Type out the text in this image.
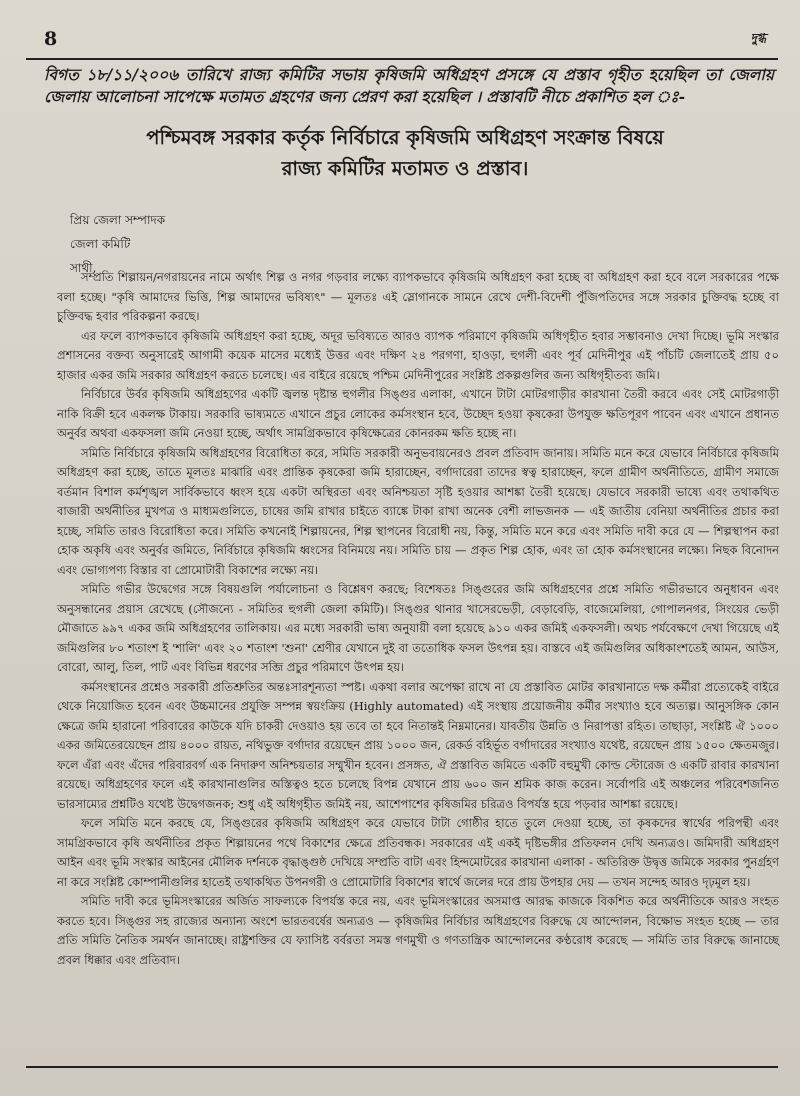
8	দুগ্ধ
বিগত ১৮/১১/২০০৬ তারিখে রাজ্য কমিটির সভায় কৃষিজমি অধিগ্রহণ প্রসঙ্গে যে প্রস্তাব গৃহীত হয়েছিল তা জেলায় জেলায় আলোচনা সাপেক্ষে মতামত গ্রহণের জন্য প্রেরণ করা হয়েছিল । প্রস্তাবটি নীচে প্রকাশিত হল ঃ-
পশ্চিমবঙ্গ সরকার কর্তৃক নির্বিচারে কৃষিজমি অধিগ্রহণ সংক্রান্ত বিষয়ে
রাজ্য কমিটির মতামত ও প্রস্তাব।
প্রিয় জেলা সম্পাদক
জেলা কমিটি
সাথী,

সম্প্রতি শিল্পায়ন/নগরায়নের নামে অর্থাৎ শিল্প ও নগর গড়বার লক্ষ্যে ব্যাপকভাবে কৃষিজমি অধিগ্রহণ করা হচ্ছে বা অধিগ্রহণ করা হবে বলে সরকারের পক্ষে বলা হচ্ছে। "কৃষি আমাদের ভিত্তি, শিল্প আমাদের ভবিষ্যৎ" — মূলতঃ এই স্লোগানকে সামনে রেখে দেশী-বিদেশী পুঁজিপতিদের সঙ্গে সরকার চুক্তিবদ্ধ হচ্ছে বা চুক্তিবদ্ধ হবার পরিকল্পনা করছে।

এর ফলে ব্যাপকভাবে কৃষিজমি অধিগ্রহণ করা হচ্ছে, অদূর ভবিষ্যতে আরও ব্যাপক পরিমাণে কৃষিজমি অধিগৃহীত হবার সম্ভাবনাও দেখা দিচ্ছে। ভূমি সংস্কার প্রশাসনের বক্তব্য অনুসারেই আগামী কয়েক মাসের মধ্যেই উত্তর এবং দক্ষিণ ২৪ পরগণা, হাওড়া, হুগলী এবং পূর্ব মেদিনীপুর এই পাঁচটি জেলাতেই প্রায় ৫০ হাজার একর জমি সরকার অধিগ্রহণ করতে চলেছে। এর বাইরে রয়েছে পশ্চিম মেদিনীপুরের সংশ্লিষ্ট প্রকল্পগুলির জন্য অধিগৃহীতব্য জমি।

নির্বিচারে উর্বর কৃষিজমি অধিগ্রহণের একটি জ্বলন্ত দৃষ্টান্ত হুগলীর সিঙ্গুর এলাকা, এখানে টাটা মোটরগাড়ীর কারখানা তৈরী করবে এবং সেই মোটরগাড়ী নাকি বিক্রী হবে একলক্ষ টাকায়। সরকারি ভাষ্যমতে এখানে প্রচুর লোকের কর্মসংস্থান হবে, উচ্ছেদ হওয়া কৃষকেরা উপযুক্ত ক্ষতিপূরণ পাবেন এবং এখানে প্রধানত অনুর্বর অথবা একফসলা জমি নেওয়া হচ্ছে, অর্থাৎ সামগ্রিকভাবে কৃষিক্ষেত্রের কোনরকম ক্ষতি হচ্ছে না।

সমিতি নির্বিচারে কৃষিজমি অধিগ্রহণের বিরোধিতা করে, সমিতি সরকারী অনুভবায়নেরও প্রবল প্রতিবাদ জানায়। সমিতি মনে করে যেভাবে নির্বিচারে কৃষিজমি অধিগ্রহণ করা হচ্ছে, তাতে মূলতঃ মাঝারি এবং প্রান্তিক কৃষকেরা জমি হারাচ্ছেন, বর্গাদারেরা তাদের স্বত্ব হারাচ্ছেন, ফলে গ্রামীণ অর্থনীতিতে, গ্রামীণ সমাজে বর্তমান বিশাল কর্মশৃঙ্খল সার্বিকভাবে ধ্বংস হয়ে একটা অস্থিরতা এবং অনিশ্চয়তা সৃষ্টি হওয়ার আশঙ্কা তৈরী হয়েছে। যেভাবে সরকারী ভাষ্যে এবং তথাকথিত বাজারী অর্থনীতির মুখপত্র ও মাধ্যমগুলিতে, চাষের জমি রাখার চাইতে ব্যাঙ্কে টাকা রাখা অনেক বেশী লাভজনক — এই জাতীয় বেনিয়া অর্থনীতির প্রচার করা হচ্ছে, সমিতি তারও বিরোধিতা করে। সমিতি কখনোই শিল্পায়নের, শিল্প স্থাপনের বিরোধী নয়, কিন্তু, সমিতি মনে করে এবং সমিতি দাবী করে যে — শিল্পস্থাপন করা হোক অকৃষি এবং অনুর্বর জমিতে, নির্বিচারে কৃষিজমি ধ্বংসের বিনিময়ে নয়। সমিতি চায় — প্রকৃত শিল্প হোক, এবং তা হোক কর্মসংস্থানের লক্ষ্যে। নিছক বিনোদন এবং ভোগ্যপণ্য বিস্তার বা প্রোমোটারী বিকাশের লক্ষ্যে নয়।

সমিতি গভীর উদ্বেগের সঙ্গে বিষয়গুলি পর্যালোচনা ও বিশ্লেষণ করছে; বিশেষতঃ সিঙ্গুরের জমি অধিগ্রহণের প্রশ্নে সমিতি গভীরভাবে অনুধাবন এবং অনুসন্ধানের প্রয়াস রেখেছে (সৌজন্যে - সমিতির হুগলী জেলা কমিটি)। সিঙ্গুর থানার খাসেরভেড়ী, বেড়াবেড়ি, বাজেমেলিয়া, গোপালনগর, সিংয়ের ভেড়ী মৌজাতে ৯৯৭ একর জমি অধিগ্রহণের তালিকায়। এর মধ্যে সরকারী ভাষ্য অনুযায়ী বলা হয়েছে ৯১০ একর জমিই একফসলী। অথচ পর্যবেক্ষণে দেখা গিয়েছে এই জমিগুলির ৮০ শতাংশ ই 'শালি' এবং ২০ শতাংশ 'শুনা' শ্রেণীর যেখানে দুই বা ততোধিক ফসল উৎপন্ন হয়। বাস্তবে এই জমিগুলির অধিকাংশতেই আমন, আউস, বোরো, আলু, তিল, পাট এবং বিভিন্ন ধরণের সব্জি প্রচুর পরিমাণে উৎপন্ন হয়।

কর্মসংস্থানের প্রশ্নেও সরকারী প্রতিশ্রুতির অন্তঃসারশূন্যতা স্পষ্ট। একথা বলার অপেক্ষা রাখে না যে প্রস্তাবিত মোটর কারখানাতে দক্ষ কর্মীরা প্রত্যেকেই বাইরে থেকে নিয়োজিত হবেন এবং উচ্চমানের প্রযুক্তি সম্পন্ন স্বয়ংক্রিয় (Highly automated) এই সংস্থায় প্রয়োজনীয় কর্মীর সংখ্যাও হবে অত্যল্প। আনুসঙ্গিক কোন ক্ষেত্রে জমি হারানো পরিবারের কাউকে যদি চাকরী দেওয়াও হয় তবে তা হবে নিতান্তই নিম্নমানের। যাবতীয় উন্নতি ও নিরাপত্তা রহিত। তাছাড়া, সংশ্লিষ্ট ঐ ১০০০ একর জমিতেরয়েছেন প্রায় ৪০০০ রায়ত, নথিভুক্ত বর্গাদার রয়েছেন প্রায় ১০০০ জন, রেকর্ড বহির্ভূত বর্গাদারের সংখ্যাও যথেষ্ট, রয়েছেন প্রায় ১৫০০ ক্ষেতমজুর। ফলে এঁরা এবং এঁদের পরিবারবর্গ এক নিদারুণ অনিশ্চয়তার সম্মুখীন হবেন। প্রসঙ্গত, ঐ প্রস্তাবিত জমিতে একটি বহুমুখী কোল্ড স্টোরেজ ও একটি রাবার কারখানা রয়েছে। অধিগ্রহণের ফলে এই কারখানাগুলির অস্তিত্বও হতে চলেছে বিপন্ন যেখানে প্রায় ৬০০ জন শ্রমিক কাজ করেন। সর্বোপরি এই অঞ্চলের পরিবেশজনিত ভারসাম্যের প্রশ্নটিও যথেষ্ট উদ্বেগজনক; শুধু এই অধিগৃহীত জমিই নয়, আশেপাশের কৃষিজমির চরিত্রও বিপর্যস্ত হয়ে পড়বার আশঙ্কা রয়েছে।

ফলে সমিতি মনে করছে যে, সিঙ্গুরের কৃষিজমি অধিগ্রহণ করে যেভাবে টাটা গোষ্ঠীর হাতে তুলে দেওয়া হচ্ছে, তা কৃষকদের স্বার্থের পরিপন্থী এবং সামগ্রিকভাবে কৃষি অর্থনীতির প্রকৃত শিল্পায়নের পথে বিকাশের ক্ষেত্রে প্রতিবন্ধক। সরকারের এই একই দৃষ্টিভঙ্গীর প্রতিফলন দেখি অন্যত্রও। জমিদারী অধিগ্রহণ আইন এবং ভূমি সংস্কার আইনের মৌলিক দর্শনকে বৃদ্ধাঙ্গুষ্ঠ দেখিয়ে সম্প্রতি বাটা এবং হিন্দমোটরের কারখানা এলাকা - অতিরিক্ত উদ্বৃত্ত জমিকে সরকার পুনর্গ্রহণ না করে সংশ্লিষ্ট কোম্পানীগুলির হাতেই তথাকথিত উপনগরী ও প্রোমোটারি বিকাশের স্বার্থে জলের দরে প্রায় উপহার দেয় — তখন সন্দেহ আরও দৃঢ়মূল হয়।

সমিতি দাবী করে ভূমিসংস্কারের অর্জিত সাফল্যকে বিপর্যস্ত করে নয়, এবং ভূমিসংস্কারের অসমাপ্ত আরদ্ধ কাজকে বিকশিত করে অর্থনীতিকে আরও সংহত করতে হবে। সিঙ্গুর সহ রাজ্যের অন্যান্য অংশে ভারতবর্ষের অন্যত্রও — কৃষিজমির নির্বিচার অধিগ্রহণের বিরুদ্ধে যে আন্দোলন, বিক্ষোভ সংহত হচ্ছে — তার প্রতি সমিতি নৈতিক সমর্থন জানাচ্ছে। রাষ্ট্রশক্তির যে ফ্যাসিষ্ট বর্বরতা সমস্ত গণমুখী ও গণতান্ত্রিক আন্দোলনের কণ্ঠরোধ করেছে — সমিতি তার বিরুদ্ধে জানাচ্ছে প্রবল ধিক্কার এবং প্রতিবাদ।
